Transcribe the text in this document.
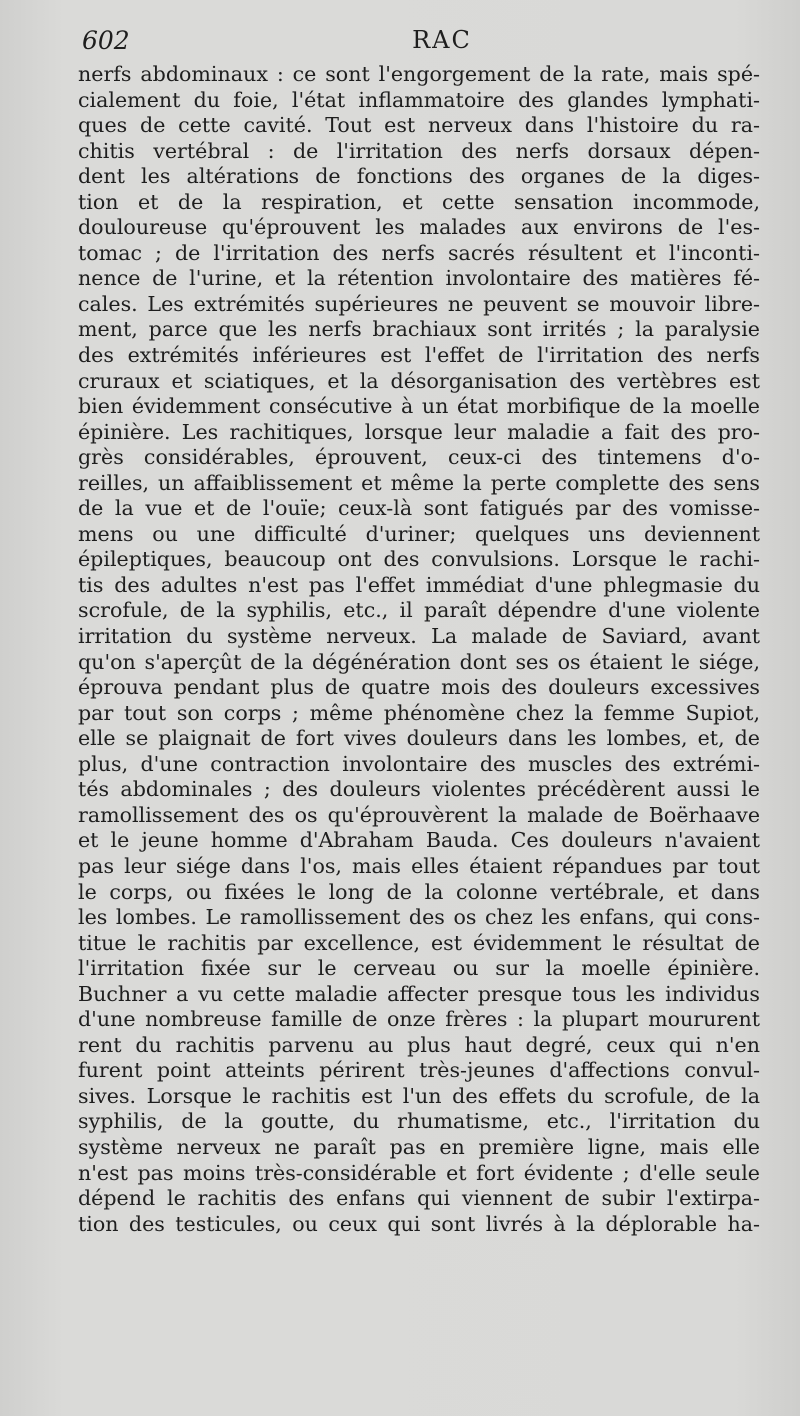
602	RAC
nerfs abdominaux : ce sont l'engorgement de la rate, mais spé-
cialement du foie, l'état inflammatoire des glandes lymphati-
ques de cette cavité. Tout est nerveux dans l'histoire du ra-
chitis vertébral : de l'irritation des nerfs dorsaux dépen-
dent les altérations de fonctions des organes de la diges-
tion et de la respiration, et cette sensation incommode,
douloureuse qu'éprouvent les malades aux environs de l'es-
tomac ; de l'irritation des nerfs sacrés résultent et l'inconti-
nence de l'urine, et la rétention involontaire des matières fé-
cales. Les extrémités supérieures ne peuvent se mouvoir libre-
ment, parce que les nerfs brachiaux sont irrités ; la paralysie
des extrémités inférieures est l'effet de l'irritation des nerfs
cruraux et sciatiques, et la désorganisation des vertèbres est
bien évidemment consécutive à un état morbifique de la moelle
épinière. Les rachitiques, lorsque leur maladie a fait des pro-
grès considérables, éprouvent, ceux-ci des tintemens d'o-
reilles, un affaiblissement et même la perte complette des sens
de la vue et de l'ouïe; ceux-là sont fatigués par des vomisse-
mens ou une difficulté d'uriner; quelques uns deviennent
épileptiques, beaucoup ont des convulsions. Lorsque le rachi-
tis des adultes n'est pas l'effet immédiat d'une phlegmasie du
scrofule, de la syphilis, etc., il paraît dépendre d'une violente
irritation du système nerveux. La malade de Saviard, avant
qu'on s'aperçût de la dégénération dont ses os étaient le siége,
éprouva pendant plus de quatre mois des douleurs excessives
par tout son corps ; même phénomène chez la femme Supiot,
elle se plaignait de fort vives douleurs dans les lombes, et, de
plus, d'une contraction involontaire des muscles des extrémi-
tés abdominales ; des douleurs violentes précédèrent aussi le
ramollissement des os qu'éprouvèrent la malade de Boërhaave
et le jeune homme d'Abraham Bauda. Ces douleurs n'avaient
pas leur siége dans l'os, mais elles étaient répandues par tout
le corps, ou fixées le long de la colonne vertébrale, et dans
les lombes. Le ramollissement des os chez les enfans, qui cons-
titue le rachitis par excellence, est évidemment le résultat de
l'irritation fixée sur le cerveau ou sur la moelle épinière.
Buchner a vu cette maladie affecter presque tous les individus
d'une nombreuse famille de onze frères : la plupart moururent
rent du rachitis parvenu au plus haut degré, ceux qui n'en
furent point atteints périrent très-jeunes d'affections convul-
sives. Lorsque le rachitis est l'un des effets du scrofule, de la
syphilis, de la goutte, du rhumatisme, etc., l'irritation du
système nerveux ne paraît pas en première ligne, mais elle
n'est pas moins très-considérable et fort évidente ; d'elle seule
dépend le rachitis des enfans qui viennent de subir l'extirpa-
tion des testicules, ou ceux qui sont livrés à la déplorable ha-
